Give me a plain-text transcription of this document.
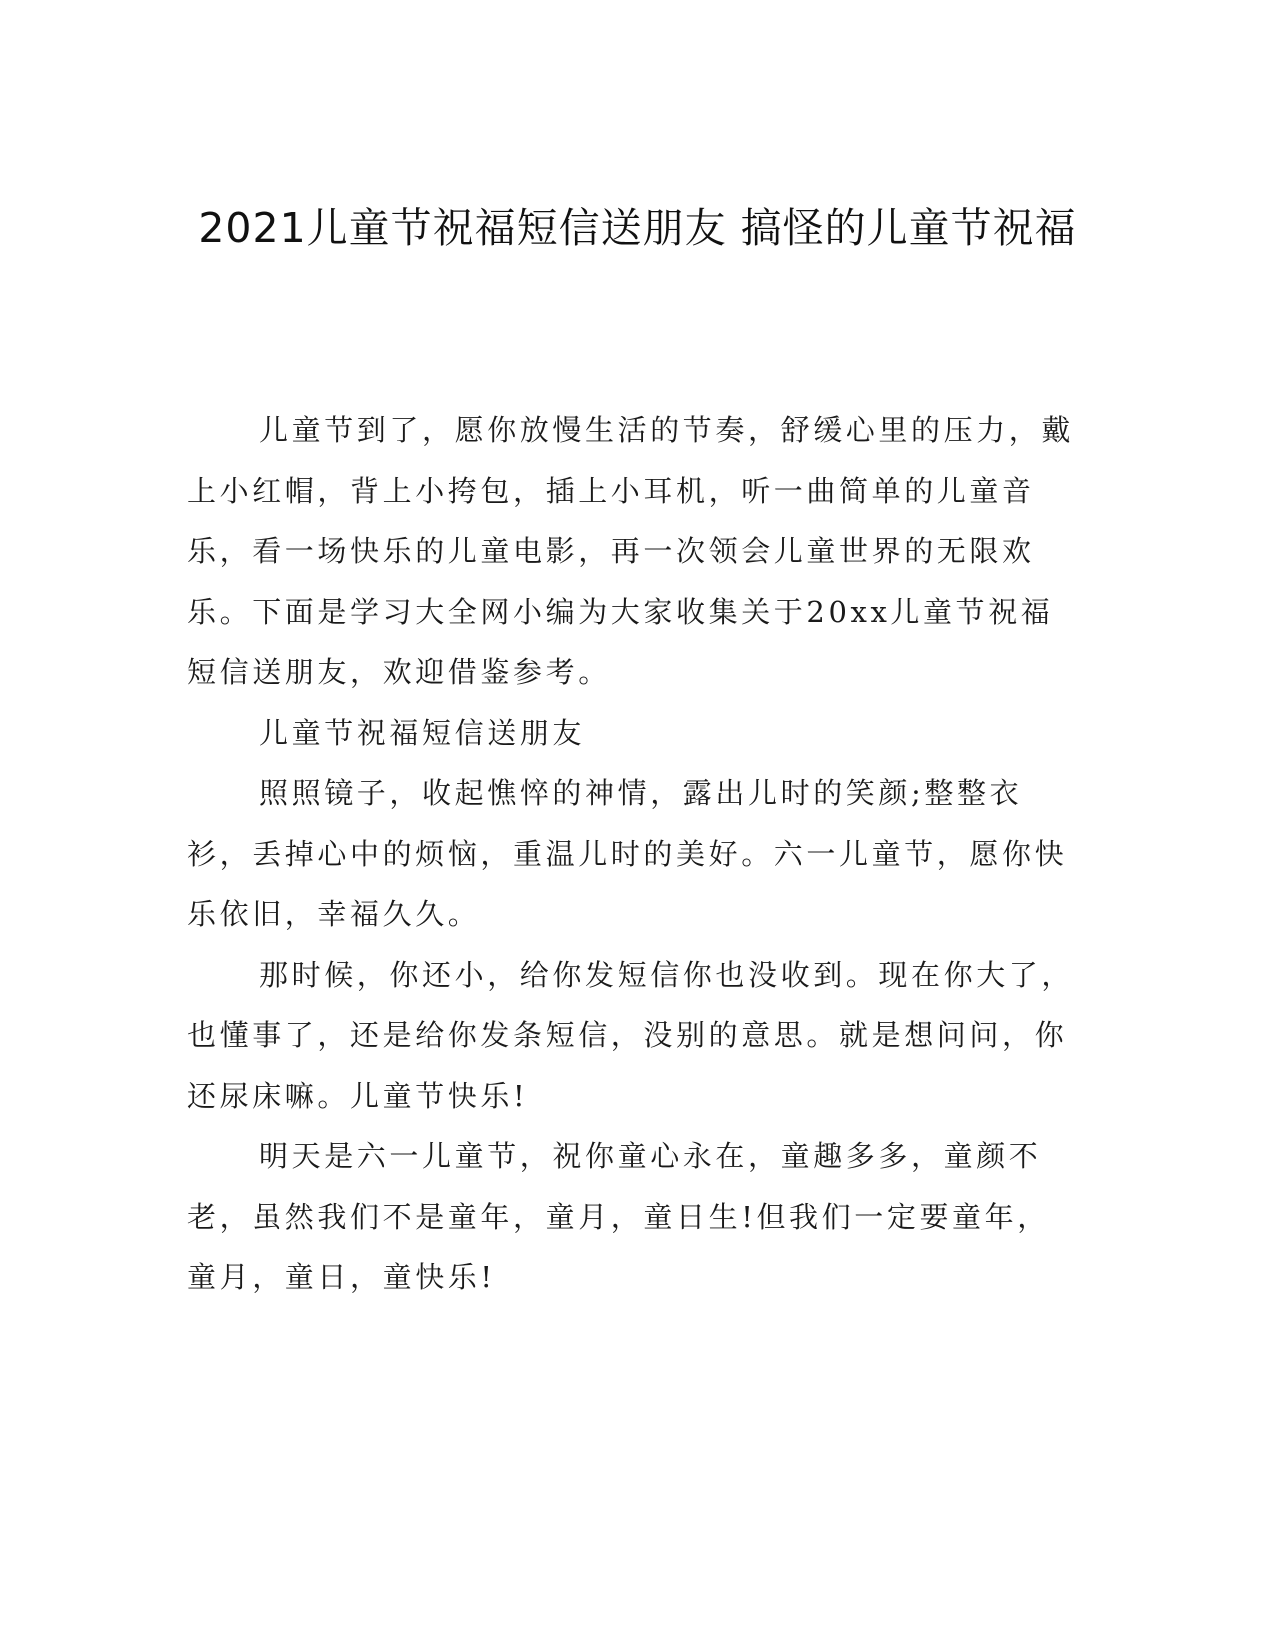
2021儿童节祝福短信送朋友 搞怪的儿童节祝福

儿童节到了，愿你放慢生活的节奏，舒缓心里的压力，戴上小红帽，背上小挎包，插上小耳机，听一曲简单的儿童音乐，看一场快乐的儿童电影，再一次领会儿童世界的无限欢乐。下面是学习大全网小编为大家收集关于20xx儿童节祝福短信送朋友，欢迎借鉴参考。

儿童节祝福短信送朋友

照照镜子，收起憔悴的神情，露出儿时的笑颜;整整衣衫，丢掉心中的烦恼，重温儿时的美好。六一儿童节，愿你快乐依旧，幸福久久。

那时候，你还小，给你发短信你也没收到。现在你大了，也懂事了，还是给你发条短信，没别的意思。就是想问问，你还尿床嘛。儿童节快乐!

明天是六一儿童节，祝你童心永在，童趣多多，童颜不老，虽然我们不是童年，童月，童日生!但我们一定要童年，童月，童日，童快乐!
